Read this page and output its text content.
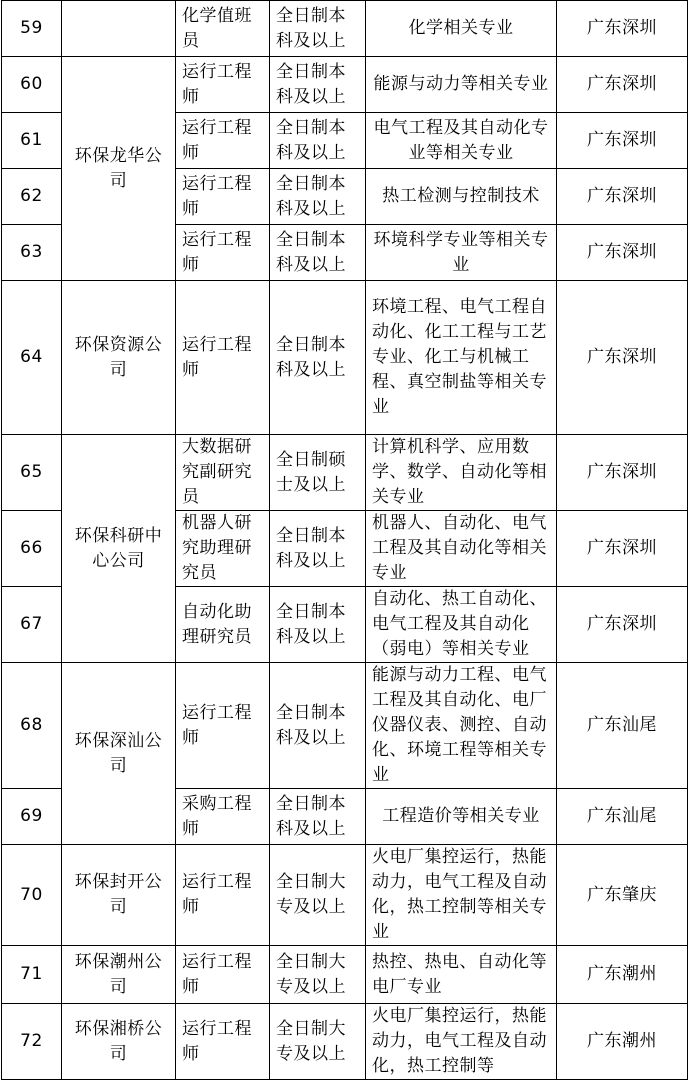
59		化学值班员	全日制本科及以上	化学相关专业	广东深圳
60	环保龙华公司	运行工程师	全日制本科及以上	能源与动力等相关专业	广东深圳
61		运行工程师	全日制本科及以上	电气工程及其自动化专业等相关专业	广东深圳
62		运行工程师	全日制本科及以上	热工检测与控制技术	广东深圳
63		运行工程师	全日制本科及以上	环境科学专业等相关专业	广东深圳
64	环保资源公司	运行工程师	全日制本科及以上	环境工程、电气工程自动化、化工工程与工艺专业、化工与机械工程、真空制盐等相关专业	广东深圳
65	环保科研中心公司	大数据研究副研究员	全日制硕士及以上	计算机科学、应用数学、数学、自动化等相关专业	广东深圳
66		机器人研究助理研究员	全日制本科及以上	机器人、自动化、电气工程及其自动化等相关专业	广东深圳
67		自动化助理研究员	全日制本科及以上	自动化、热工自动化、电气工程及其自动化（弱电）等相关专业	广东深圳
68	环保深汕公司	运行工程师	全日制本科及以上	能源与动力工程、电气工程及其自动化、电厂仪器仪表、测控、自动化、环境工程等相关专业	广东汕尾
69		采购工程师	全日制本科及以上	工程造价等相关专业	广东汕尾
70	环保封开公司	运行工程师	全日制大专及以上	火电厂集控运行，热能动力，电气工程及自动化，热工控制等相关专业	广东肇庆
71	环保潮州公司	运行工程师	全日制大专及以上	热控、热电、自动化等电厂专业	广东潮州
72	环保湘桥公司	运行工程师	全日制大专及以上	火电厂集控运行，热能动力，电气工程及自动化，热工控制等	广东潮州
